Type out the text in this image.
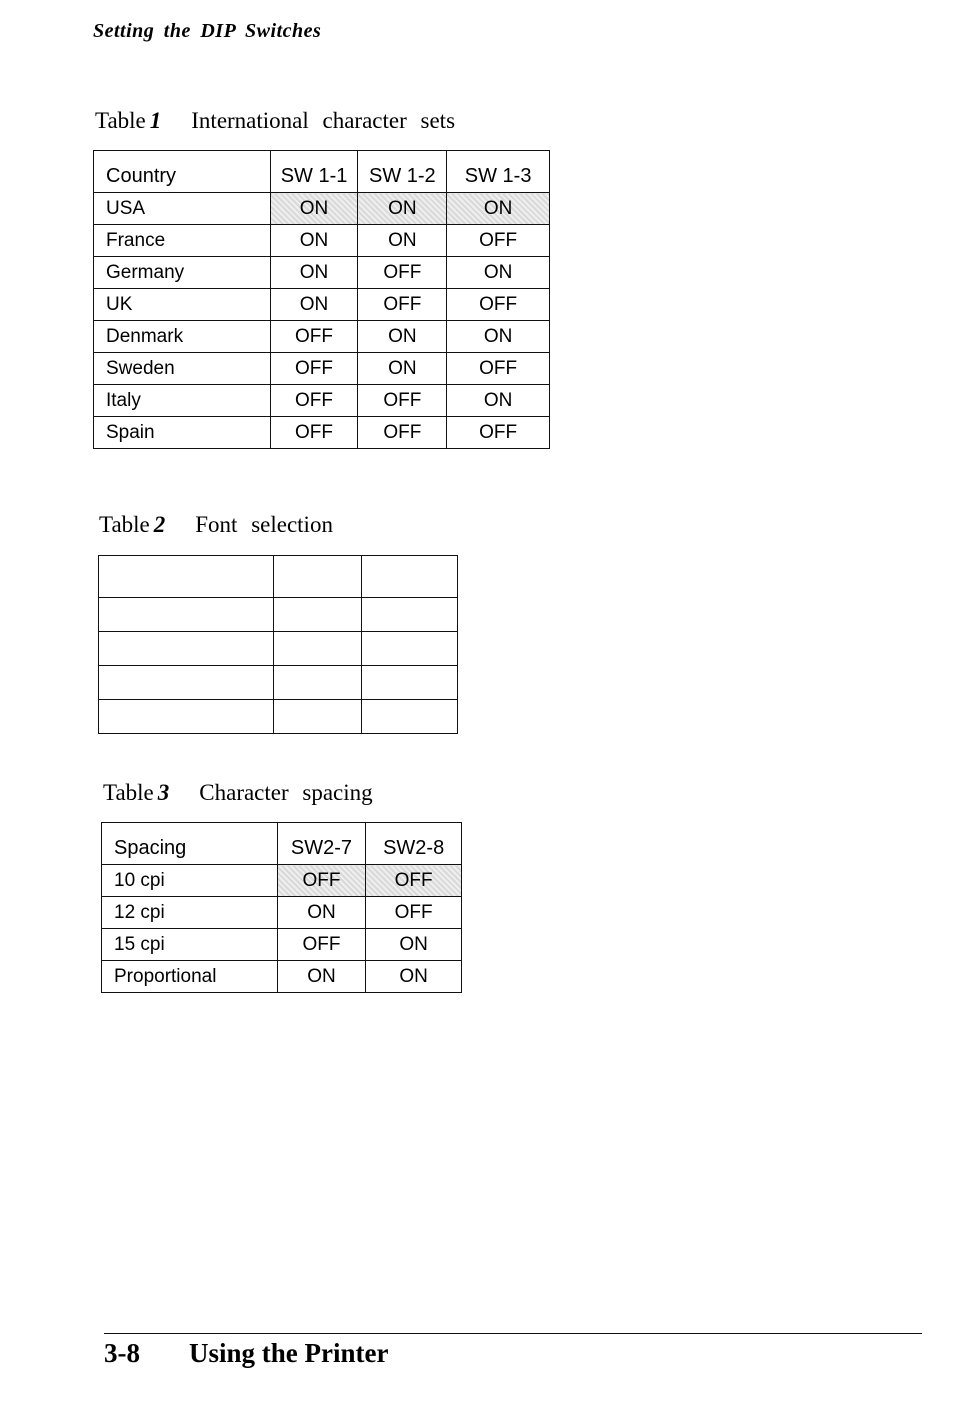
Setting the DIP Switches
Table 1 International character sets
Country	SW 1-1	SW 1-2	SW 1-3
USA	ON	ON	ON
France	ON	ON	OFF
Germany	ON	OFF	ON
UK	ON	OFF	OFF
Denmark	OFF	ON	ON
Sweden	OFF	ON	OFF
Italy	OFF	OFF	ON
Spain	OFF	OFF	OFF
Table 2 Font selection

Table 3 Character spacing
Spacing	SW2-7	SW2-8
10 cpi	OFF	OFF
12 cpi	ON	OFF
15 cpi	OFF	ON
Proportional	ON	ON
3-8 Using the Printer
